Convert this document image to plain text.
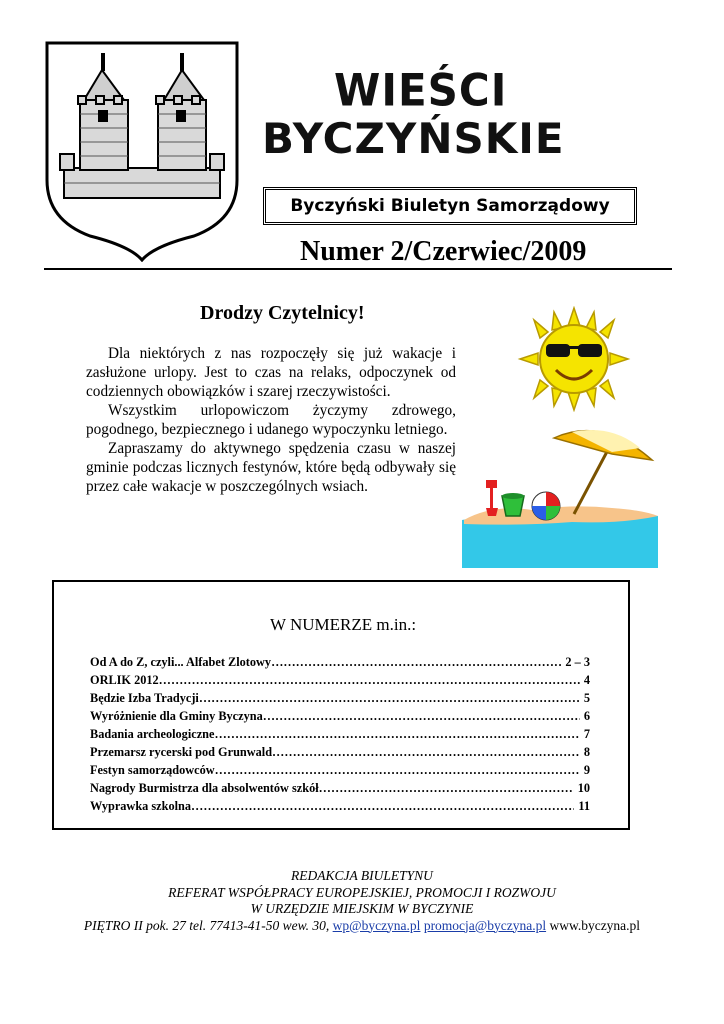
WIEŚCI
BYCZYŃSKIE
Byczyński Biuletyn Samorządowy
Numer 2/Czerwiec/2009
Drodzy Czytelnicy!

Dla niektórych z nas rozpoczęły się już wakacje i zasłużone urlopy. Jest to czas na relaks, odpoczynek od codziennych obowiązków i szarej rzeczywistości.

Wszystkim urlopowiczom życzymy zdrowego, pogodnego, bezpiecznego i udanego wypoczynku letniego.

Zapraszamy do aktywnego spędzenia czasu w naszej gminie podczas licznych festynów, które będą odbywały się przez całe wakacje w poszczególnych wsiach.

W NUMERZE m.in.:
Od A do Z, czyli... Alfabet Zlotowy ………………………………………………………………………………………………………………………………	2 – 3
ORLIK 2012 ………………………………………………………………………………………………………………………………	4
Będzie Izba Tradycji ………………………………………………………………………………………………………………………………	5
Wyróżnienie dla Gminy Byczyna ………………………………………………………………………………………………………………………………	6
Badania archeologiczne ………………………………………………………………………………………………………………………………	7
Przemarsz rycerski pod Grunwald ………………………………………………………………………………………………………………………………	8
Festyn samorządowców ………………………………………………………………………………………………………………………………	9
Nagrody Burmistrza dla absolwentów szkół ………………………………………………………………………………………………………………………………	10
Wyprawka szkolna ………………………………………………………………………………………………………………………………	11
REDAKCJA BIULETYNU
REFERAT WSPÓŁPRACY EUROPEJSKIEJ, PROMOCJI I ROZWOJU
W URZĘDZIE MIEJSKIM W BYCZYNIE
PIĘTRO II pok. 27 tel. 77413-41-50 wew. 30, wp@byczyna.pl promocja@byczyna.pl www.byczyna.pl
